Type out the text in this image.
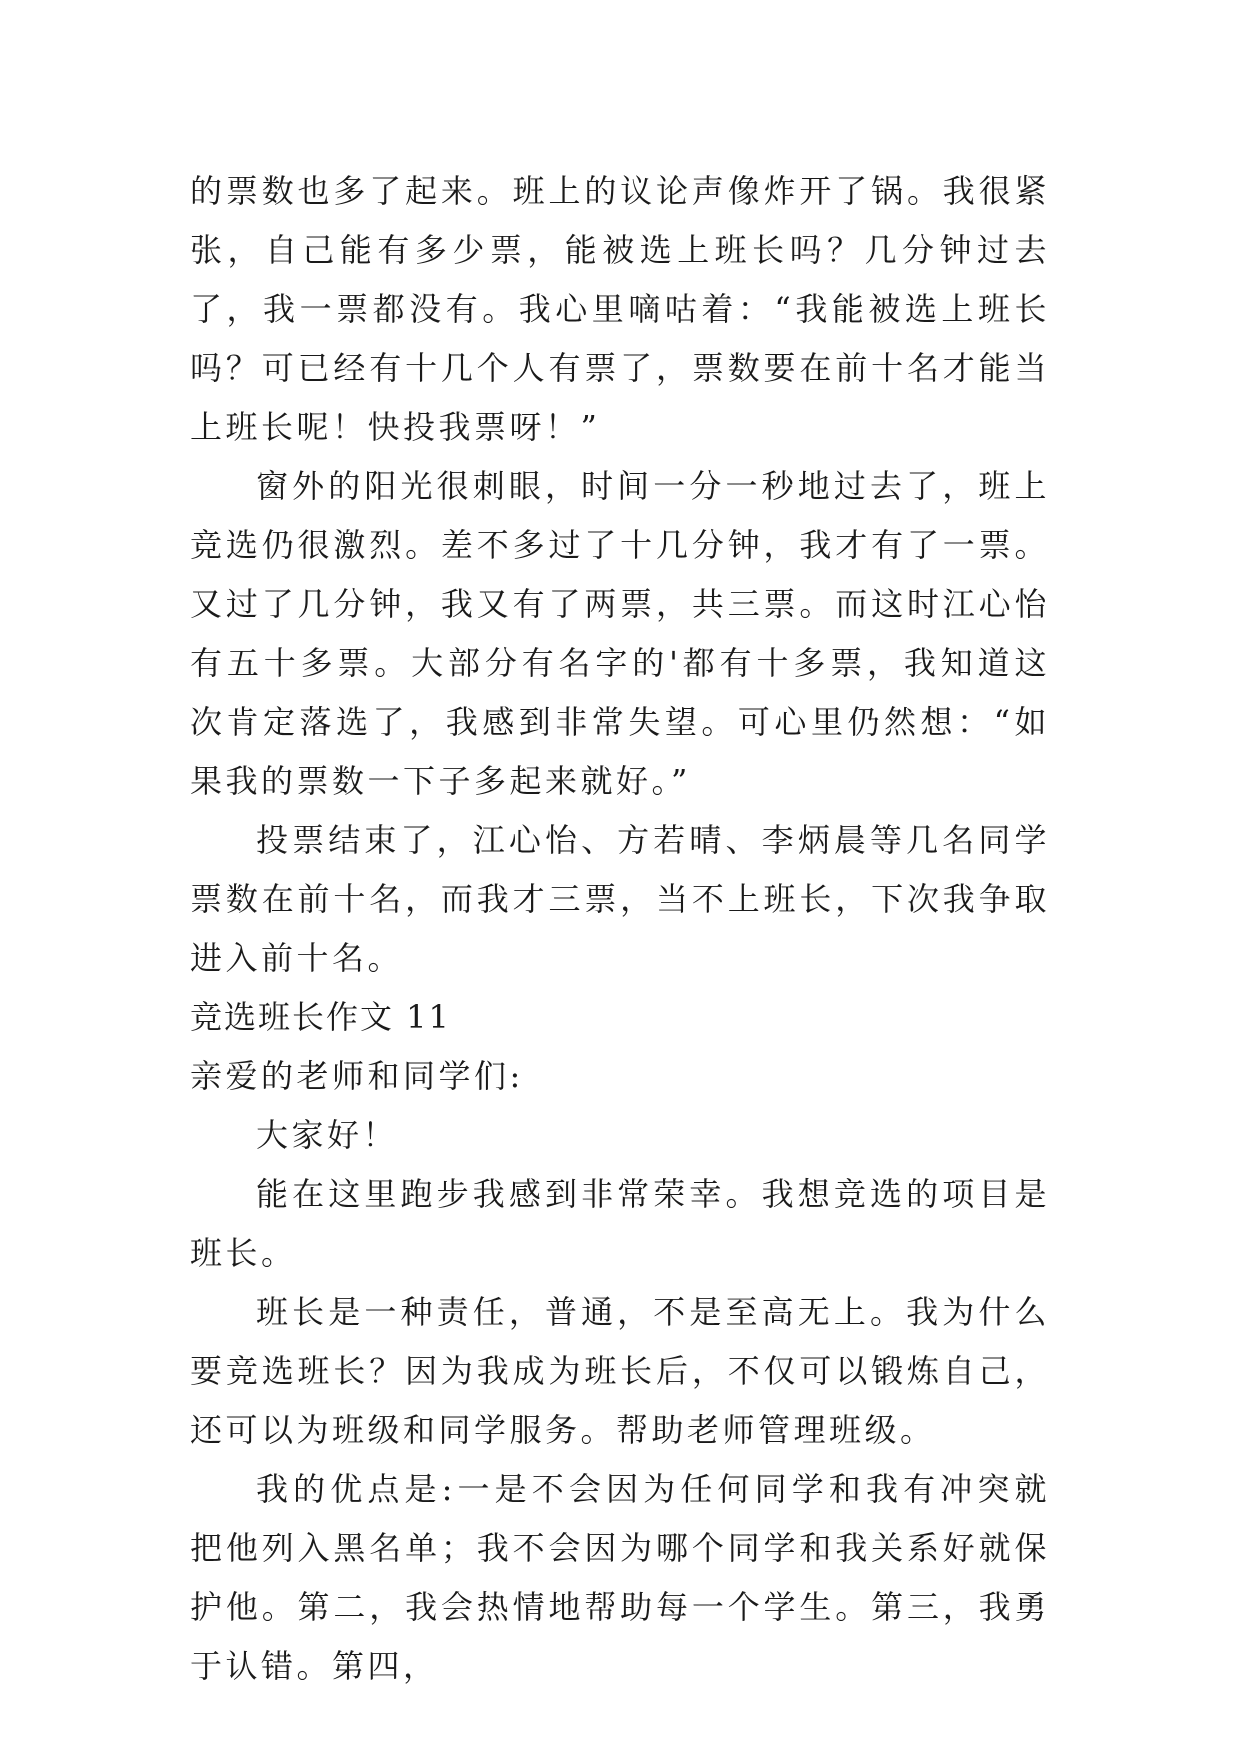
的票数也多了起来。班上的议论声像炸开了锅。我很紧张，自己能有多少票，能被选上班长吗？几分钟过去了，我一票都没有。我心里嘀咕着：“我能被选上班长吗？可已经有十几个人有票了，票数要在前十名才能当上班长呢！快投我票呀！”

窗外的阳光很刺眼，时间一分一秒地过去了，班上竞选仍很激烈。差不多过了十几分钟，我才有了一票。又过了几分钟，我又有了两票，共三票。而这时江心怡有五十多票。大部分有名字的'都有十多票，我知道这次肯定落选了，我感到非常失望。可心里仍然想：“如果我的票数一下子多起来就好。”

投票结束了，江心怡、方若晴、李炳晨等几名同学票数在前十名，而我才三票，当不上班长，下次我争取进入前十名。

竞选班长作文 11

亲爱的老师和同学们:

大家好！

能在这里跑步我感到非常荣幸。我想竞选的项目是班长。

班长是一种责任，普通，不是至高无上。我为什么要竞选班长？因为我成为班长后，不仅可以锻炼自己，还可以为班级和同学服务。帮助老师管理班级。

我的优点是:一是不会因为任何同学和我有冲突就把他列入黑名单；我不会因为哪个同学和我关系好就保护他。第二，我会热情地帮助每一个学生。第三，我勇于认错。第四，
